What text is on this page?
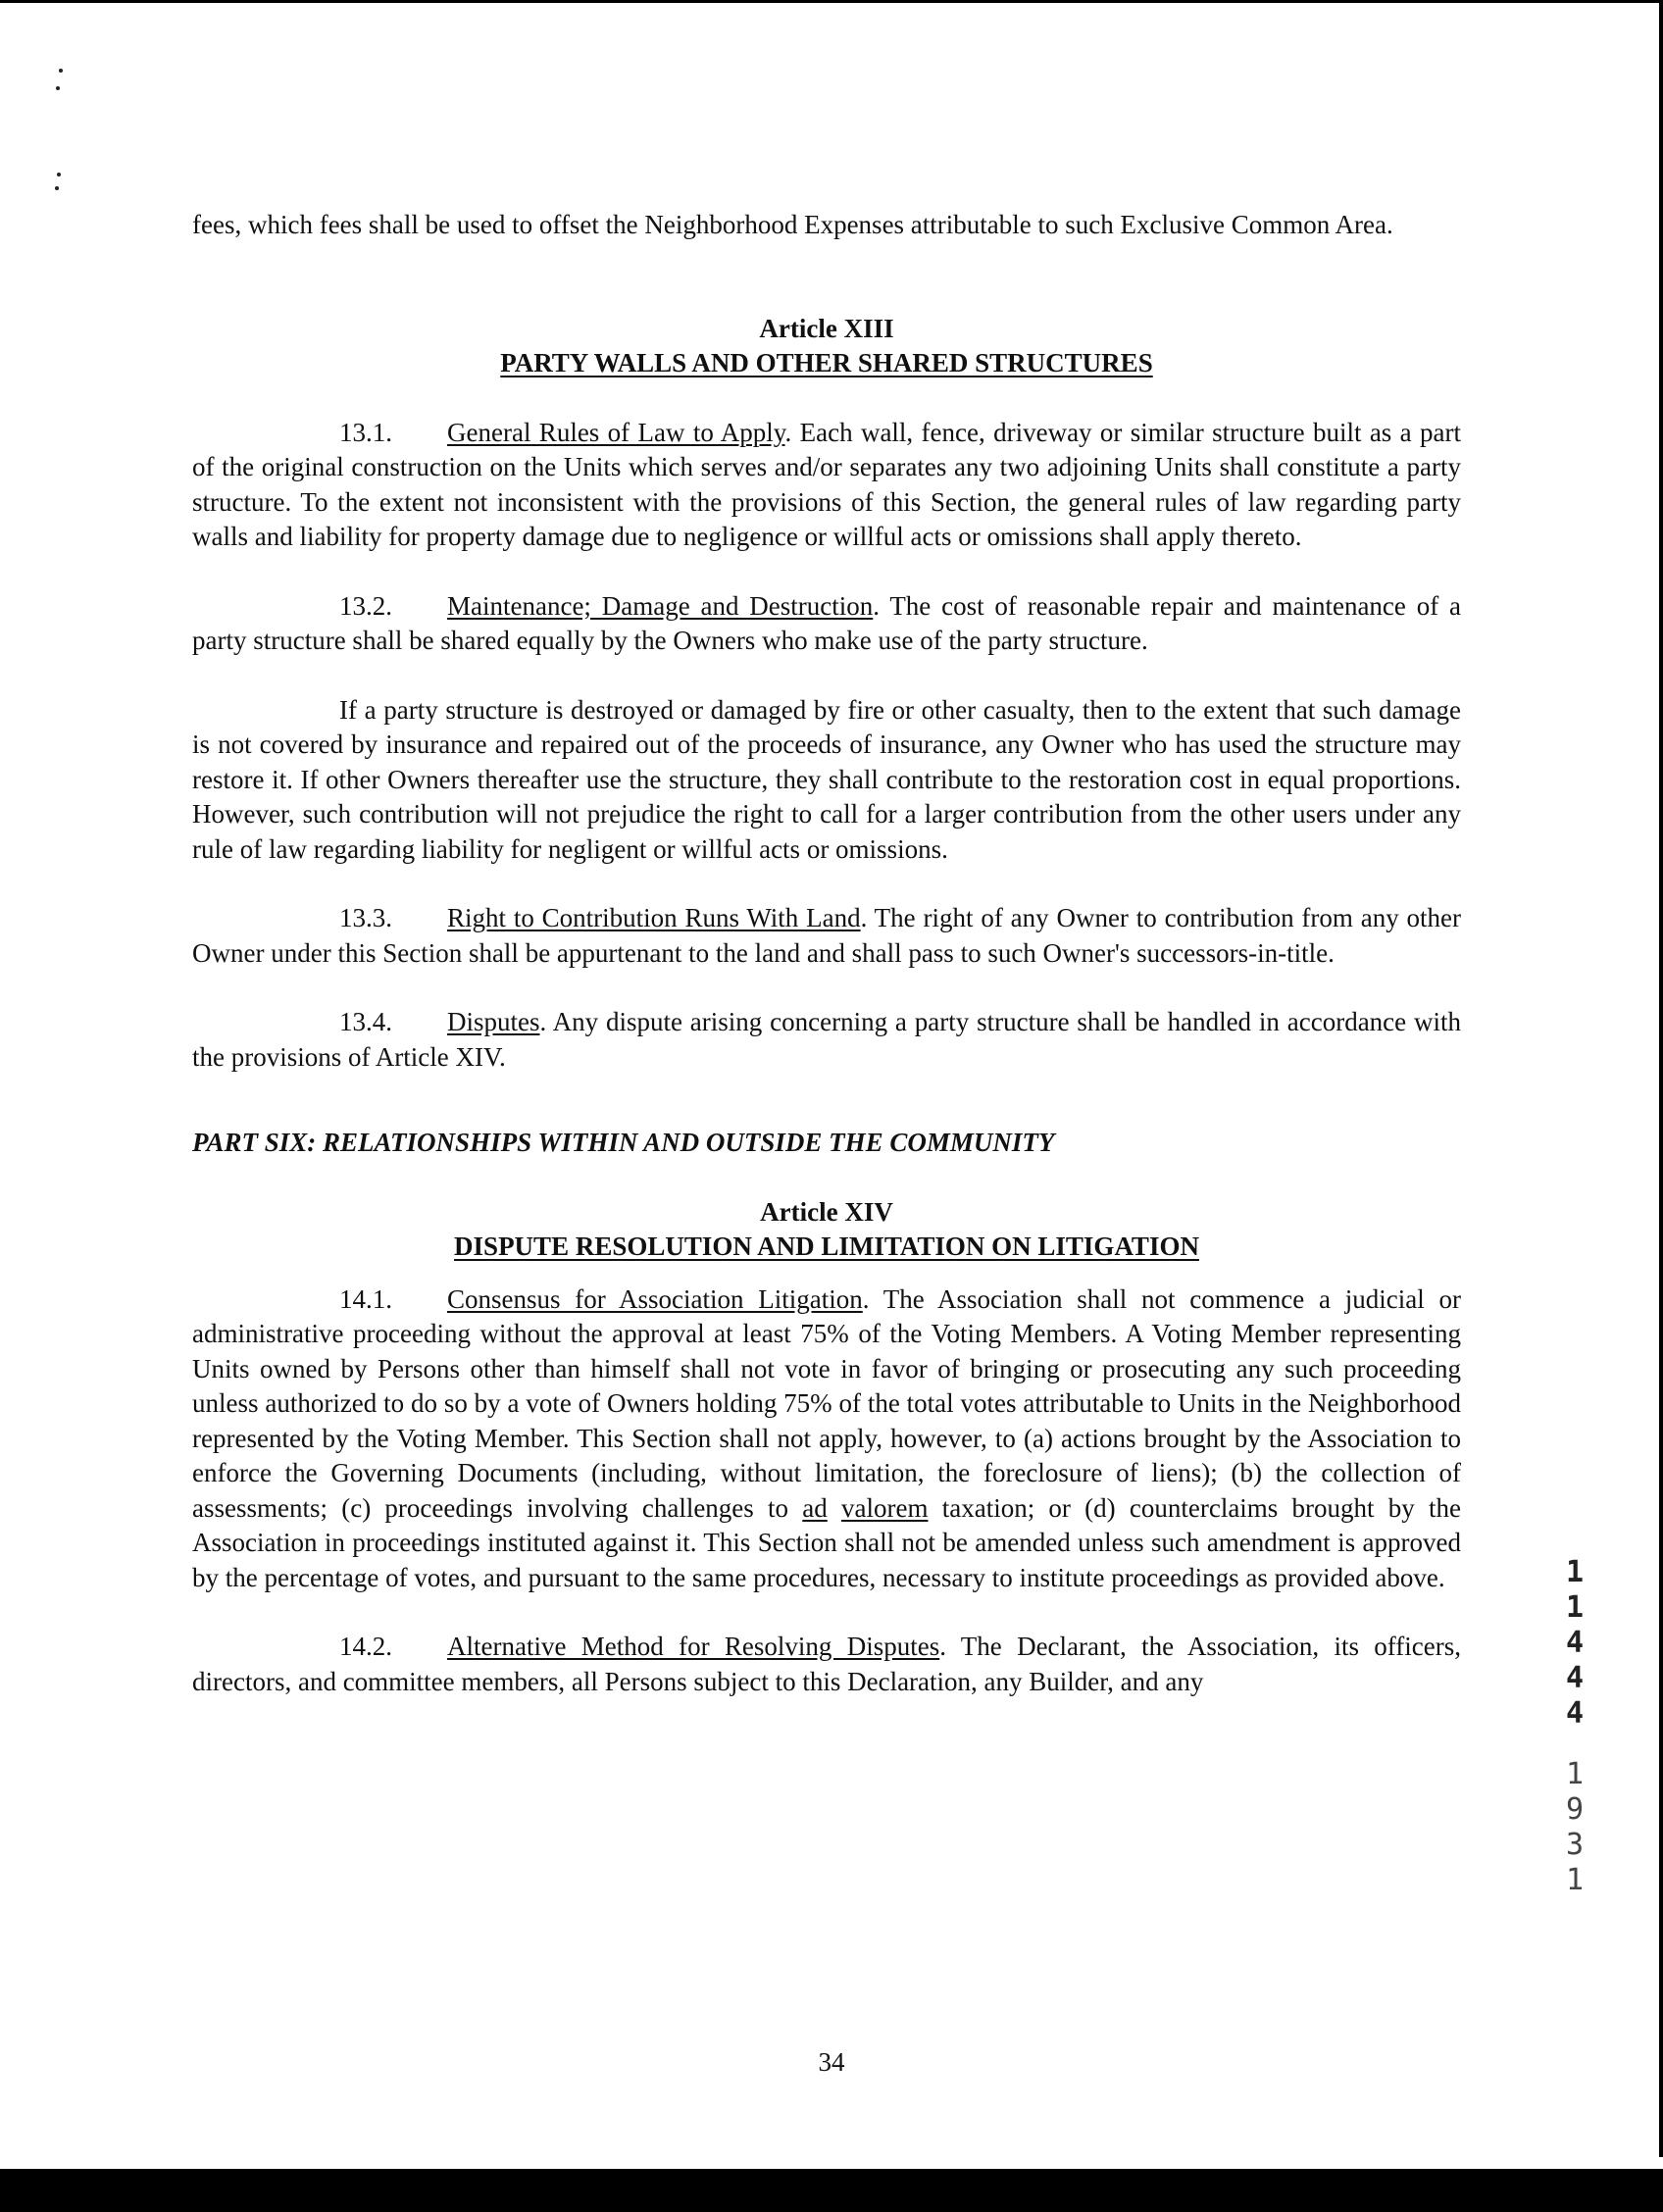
fees, which fees shall be used to offset the Neighborhood Expenses attributable to such Exclusive Common Area.

Article XIII
PARTY WALLS AND OTHER SHARED STRUCTURES

13.1. General Rules of Law to Apply. Each wall, fence, driveway or similar structure built as a part of the original construction on the Units which serves and/or separates any two adjoining Units shall constitute a party structure. To the extent not inconsistent with the provisions of this Section, the general rules of law regarding party walls and liability for property damage due to negligence or willful acts or omissions shall apply thereto.

13.2. Maintenance; Damage and Destruction. The cost of reasonable repair and maintenance of a party structure shall be shared equally by the Owners who make use of the party structure.

If a party structure is destroyed or damaged by fire or other casualty, then to the extent that such damage is not covered by insurance and repaired out of the proceeds of insurance, any Owner who has used the structure may restore it. If other Owners thereafter use the structure, they shall contribute to the restoration cost in equal proportions. However, such contribution will not prejudice the right to call for a larger contribution from the other users under any rule of law regarding liability for negligent or willful acts or omissions.

13.3. Right to Contribution Runs With Land. The right of any Owner to contribution from any other Owner under this Section shall be appurtenant to the land and shall pass to such Owner's successors-in-title.

13.4. Disputes. Any dispute arising concerning a party structure shall be handled in accordance with the provisions of Article XIV.

PART SIX: RELATIONSHIPS WITHIN AND OUTSIDE THE COMMUNITY

Article XIV
DISPUTE RESOLUTION AND LIMITATION ON LITIGATION

14.1. Consensus for Association Litigation. The Association shall not commence a judicial or administrative proceeding without the approval at least 75% of the Voting Members. A Voting Member representing Units owned by Persons other than himself shall not vote in favor of bringing or prosecuting any such proceeding unless authorized to do so by a vote of Owners holding 75% of the total votes attributable to Units in the Neighborhood represented by the Voting Member. This Section shall not apply, however, to (a) actions brought by the Association to enforce the Governing Documents (including, without limitation, the foreclosure of liens); (b) the collection of assessments; (c) proceedings involving challenges to ad valorem taxation; or (d) counterclaims brought by the Association in proceedings instituted against it. This Section shall not be amended unless such amendment is approved by the percentage of votes, and pursuant to the same procedures, necessary to institute proceedings as provided above.

14.2. Alternative Method for Resolving Disputes. The Declarant, the Association, its officers, directors, and committee members, all Persons subject to this Declaration, any Builder, and any

1
1
4
4
4
1
9
3
1
34
